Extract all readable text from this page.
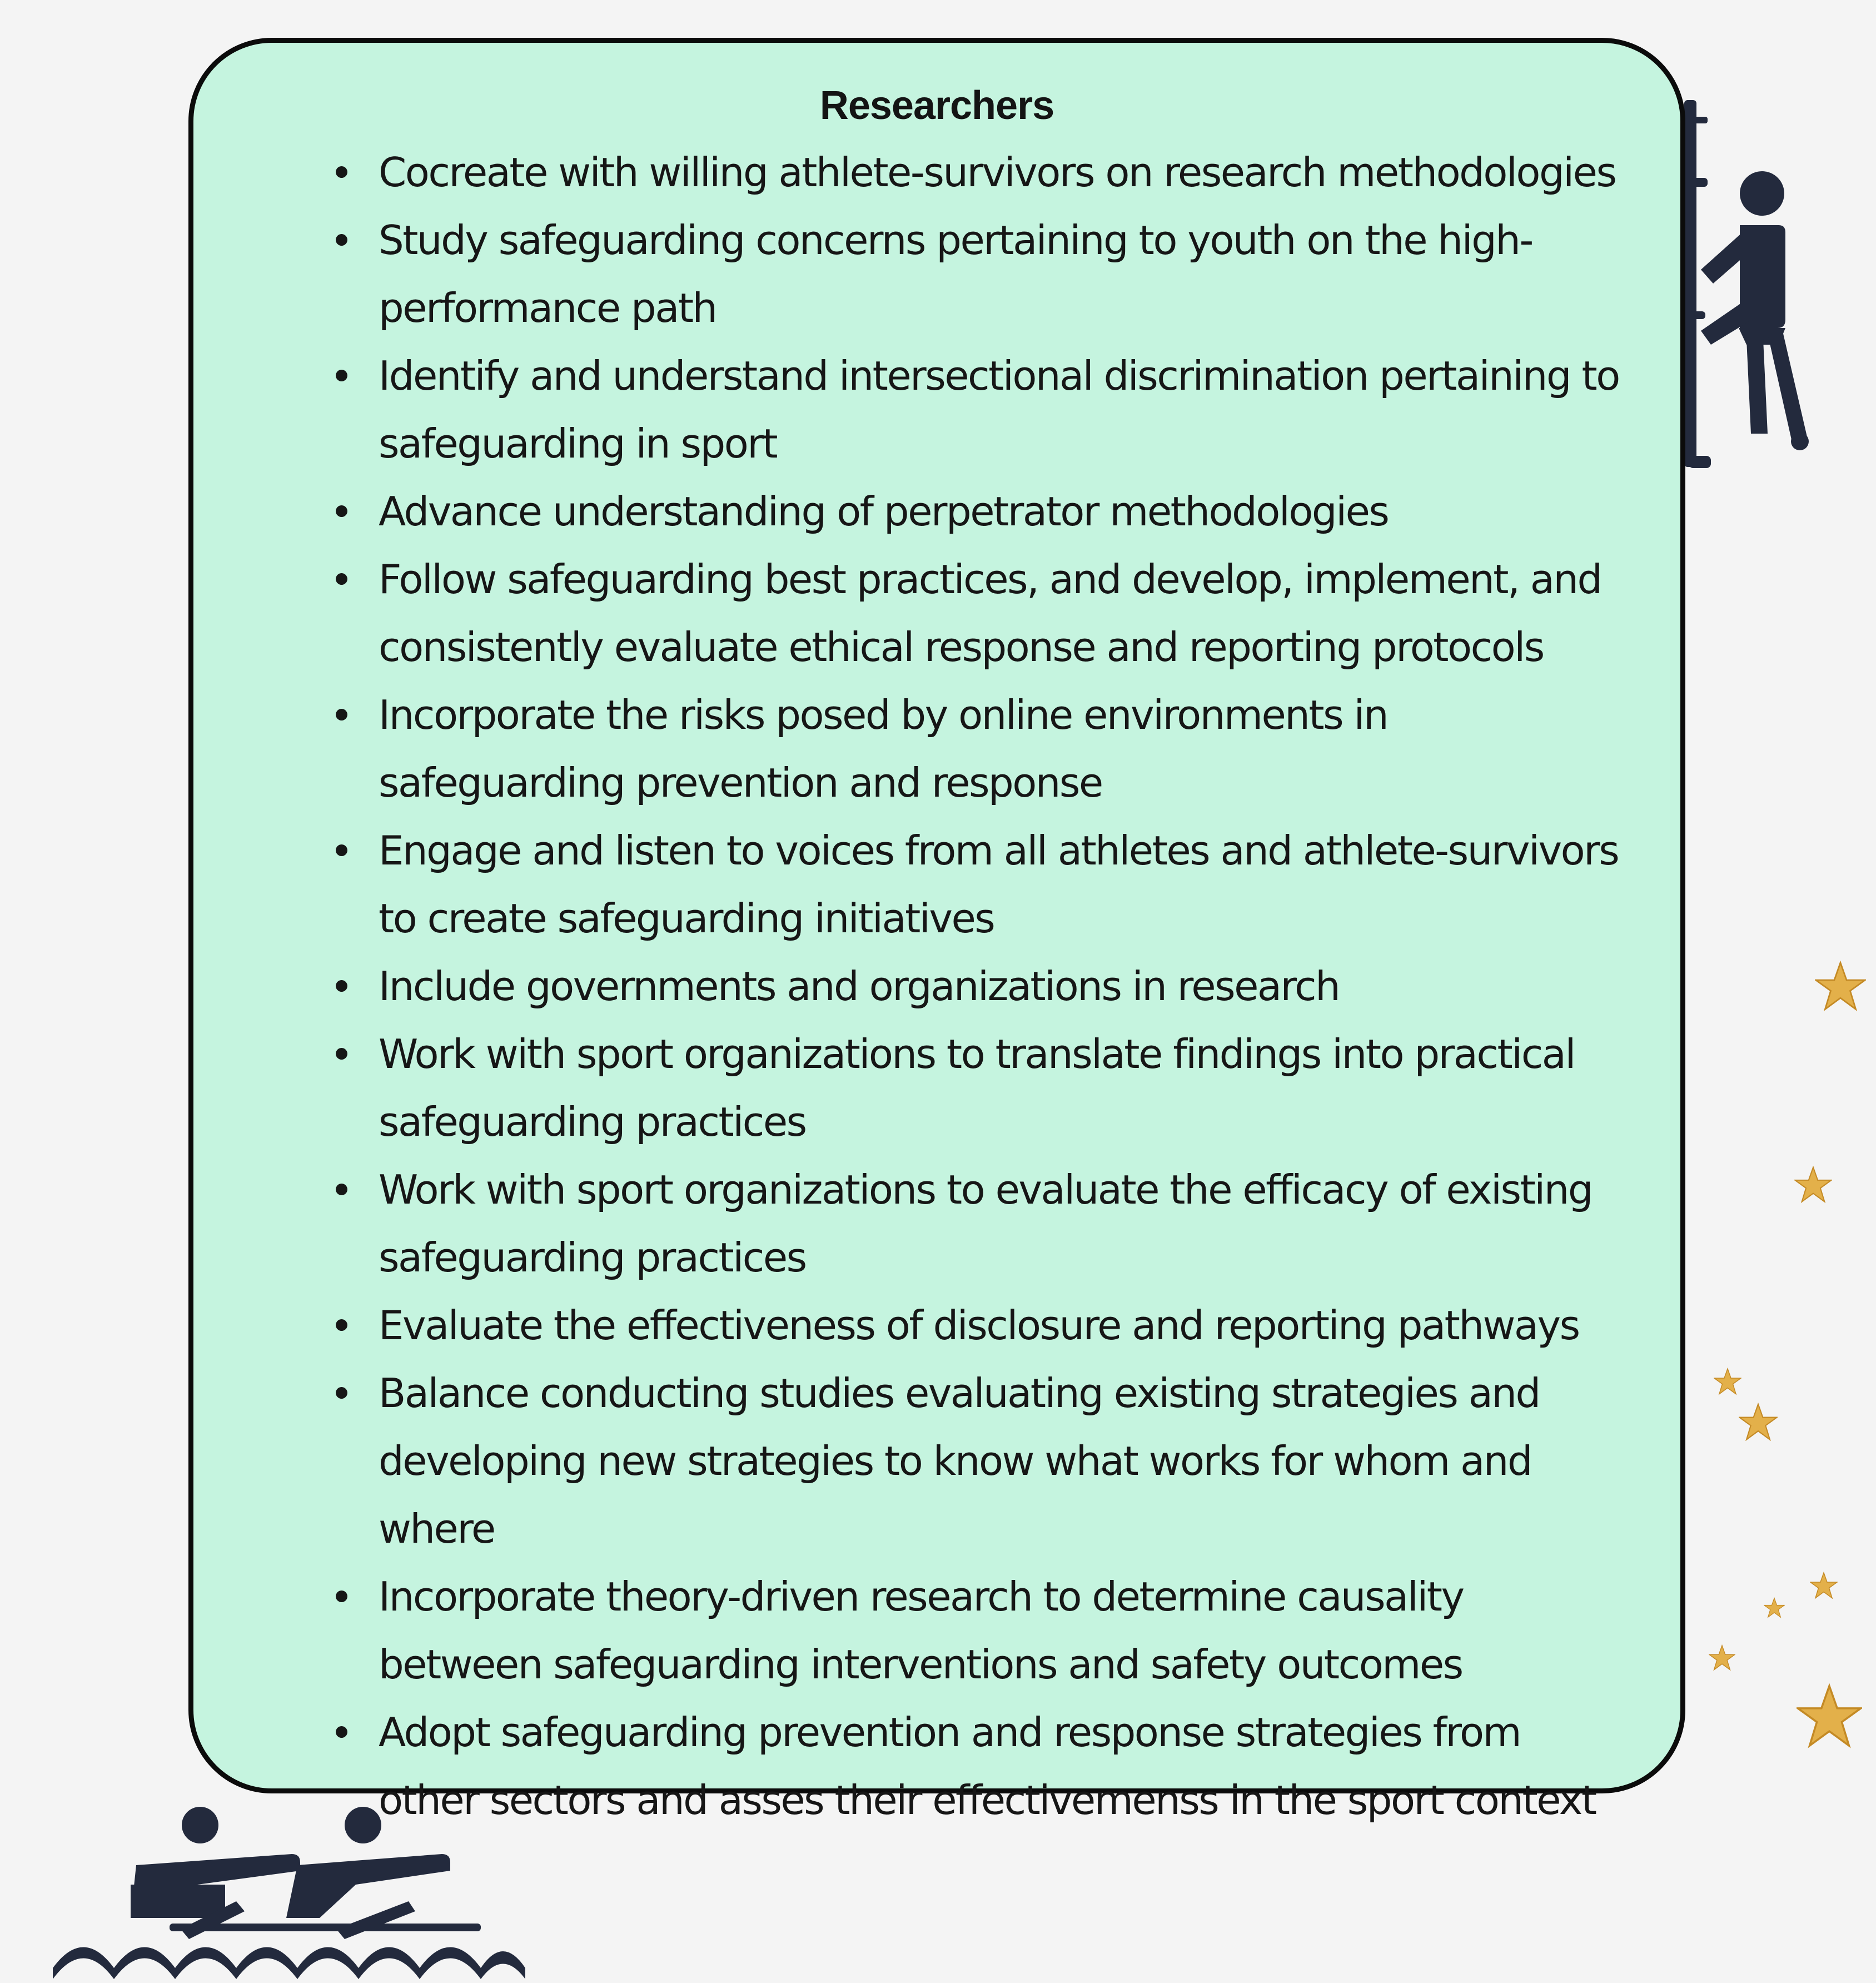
Researchers
Cocreate with willing athlete-survivors on research methodologies
Study safeguarding concerns pertaining to youth on the high-performance path
Identify and understand intersectional discrimination pertaining to safeguarding in sport
Advance understanding of perpetrator methodologies
Follow safeguarding best practices, and develop, implement, and consistently evaluate ethical response and reporting protocols
Incorporate the risks posed by online environments in safeguarding prevention and response
Engage and listen to voices from all athletes and athlete-survivors to create safeguarding initiatives
Include governments and organizations in research
Work with sport organizations to translate findings into practical safeguarding practices
Work with sport organizations to evaluate the efficacy of existing safeguarding practices
Evaluate the effectiveness of disclosure and reporting pathways
Balance conducting studies evaluating existing strategies and developing new strategies to know what works for whom and where
Incorporate theory-driven research to determine causality between safeguarding interventions and safety outcomes
Adopt safeguarding prevention and response strategies from other sectors and asses their effectivemenss in the sport context
